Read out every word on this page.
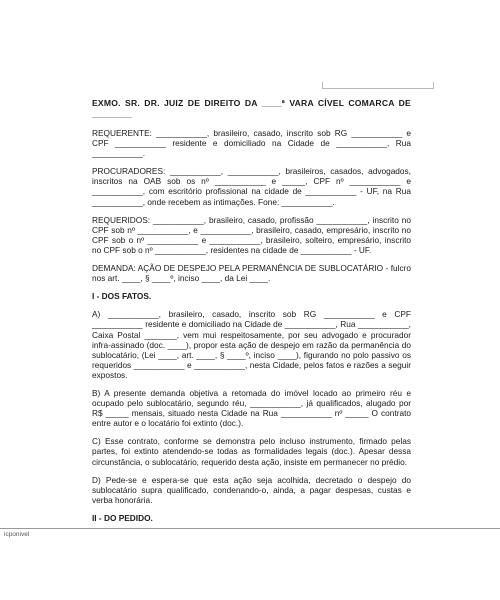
EXMO. SR. DR. JUIZ DE DIREITO DA ____ª VARA CÍVEL COMARCA DE ________

REQUERENTE: ___________, brasileiro, casado, inscrito sob RG ___________ e CPF ___________ residente e domiciliado na Cidade de ___________, Rua ___________.

PROCURADORES: ___________, ___________, brasileiros, casados, advogados, inscritos na OAB sob os nº ___________ e _____, CPF nº ___________ e ___________, com escritório profissional na cidade de ___________ - UF, na Rua ___________, onde recebem as intimações. Fone: ___________.

REQUERIDOS: ___________, brasileiro, casado, profissão ___________, inscrito no CPF sob nº ___________, e ___________, brasileiro, casado, empresário, inscrito no CPF sob o nº ___________ e ___________, brasileiro, solteiro, empresário, inscrito no CPF sob o nº ___________, residentes na cidade de ___________ - UF.

DEMANDA: AÇÃO DE DESPEJO PELA PERMANÊNCIA DE SUBLOCATÁRIO - fulcro nos art. ____, § ____º, inciso ____, da Lei ____.

I - DOS FATOS.

A) ___________, brasileiro, casado, inscrito sob RG ___________ e CPF ___________ residente e domiciliado na Cidade de ___________, Rua ___________, Caixa Postal _______, vem mui respeitosamente, por seu advogado e procurador infra-assinado (doc. ____), propor esta ação de despejo em razão da permanência do sublocatário, (Lei ____, art. ____, § ____º, inciso ____), figurando no polo passivo os requeridos ___________ e ___________, nesta Cidade, pelos fatos e razões a seguir expostos.

B) A presente demanda objetiva a retomada do imóvel locado ao primeiro réu e ocupado pelo sublocatário, segundo réu, ___________, já qualificados, alugado por R$ _____ mensais, situado nesta Cidade na Rua ___________ nº _____ O contrato entre autor e o locatário foi extinto (doc.).

C) Esse contrato, conforme se demonstra pelo incluso instrumento, firmado pelas partes, foi extinto atendendo-se todas as formalidades legais (doc.). Apesar dessa circunstância, o sublocatário, requerido desta ação, insiste em permanecer no prédio.

D) Pede-se e espera-se que esta ação seja acolhida, decretado o despejo do sublocatário supra qualificado, condenando-o, ainda, a pagar despesas, custas e verba honorária.

II - DO PEDIDO.

icponivel
